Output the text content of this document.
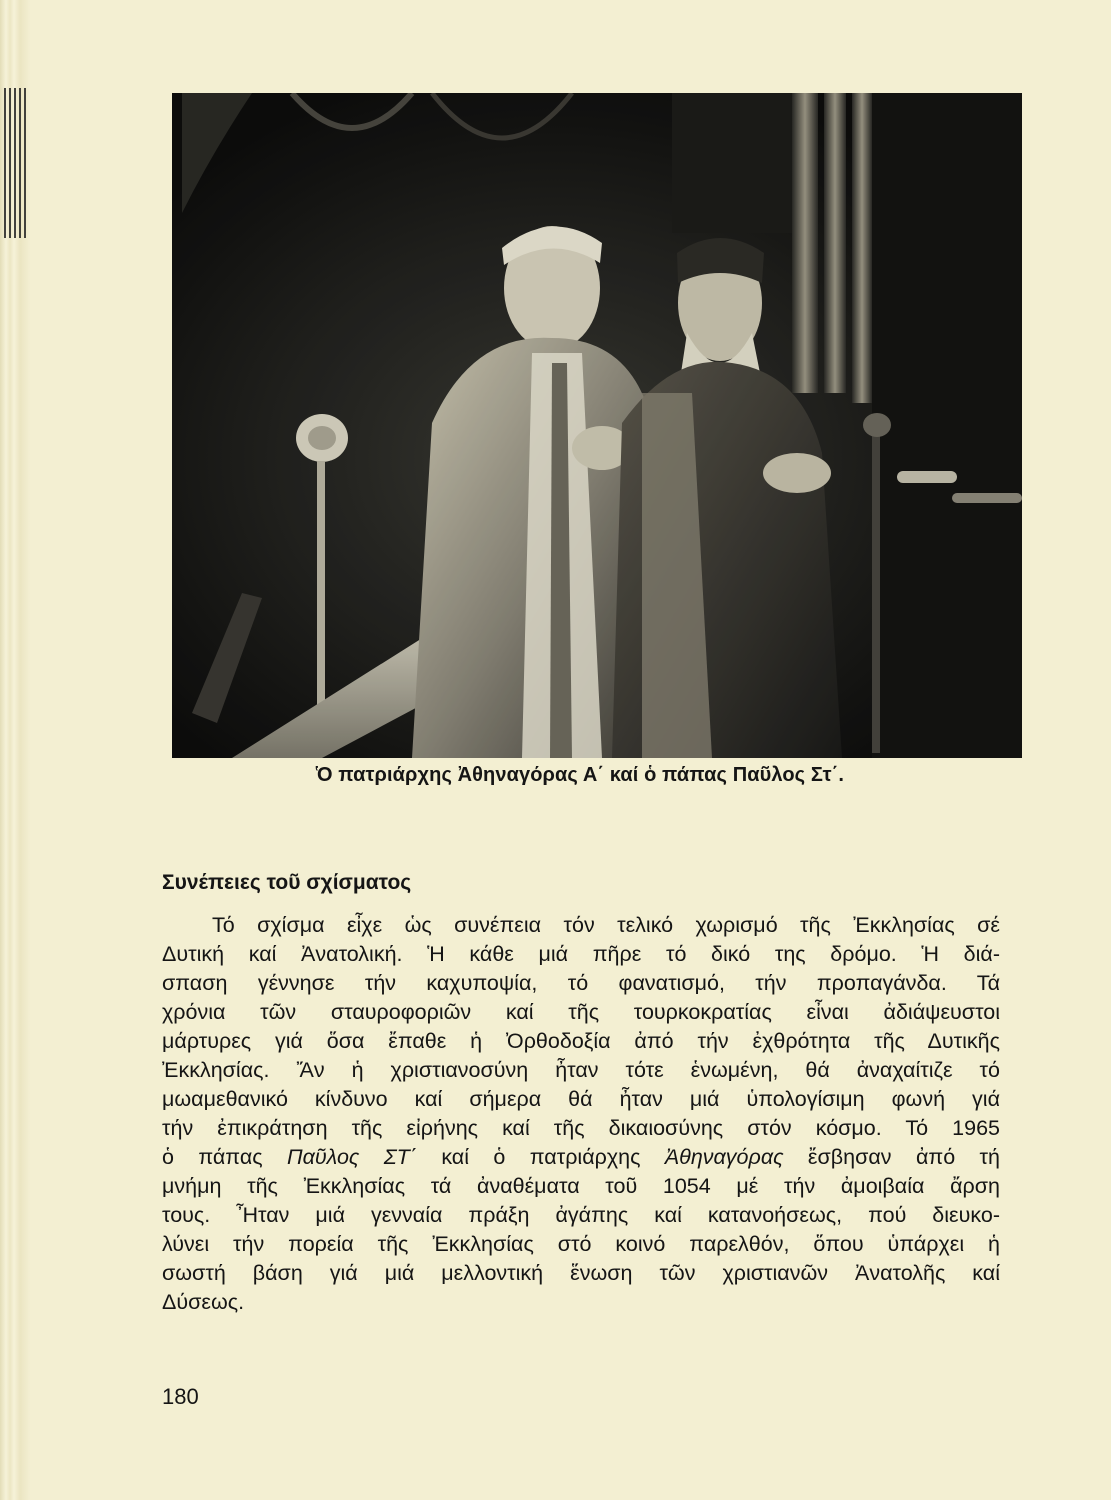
Ὁ πατριάρχης Ἀθηναγόρας Α΄ καί ὁ πάπας Παῦλος Στ΄.
Συνέπειες τοῦ σχίσματος
Τό σχίσμα εἶχε ὡς συνέπεια τόν τελικό χωρισμό τῆς Ἐκκλησίας σέ
Δυτική καί Ἀνατολική. Ἡ κάθε μιά πῆρε τό δικό της δρόμο. Ἡ διά-
σπαση γέννησε τήν καχυποψία, τό φανατισμό, τήν προπαγάνδα. Τά
χρόνια τῶν σταυροφοριῶν καί τῆς τουρκοκρατίας εἶναι ἀδιάψευστοι
μάρτυρες γιά ὅσα ἔπαθε ἡ Ὀρθοδοξία ἀπό τήν ἐχθρότητα τῆς Δυτικῆς
Ἐκκλησίας. Ἄν ἡ χριστιανοσύνη ἦταν τότε ἑνωμένη, θά ἀναχαίτιζε τό
μωαμεθανικό κίνδυνο καί σήμερα θά ἦταν μιά ὑπολογίσιμη φωνή γιά
τήν ἐπικράτηση τῆς εἰρήνης καί τῆς δικαιοσύνης στόν κόσμο. Τό 1965
ὁ πάπας Παῦλος ΣΤ΄ καί ὁ πατριάρχης Ἀθηναγόρας ἔσβησαν ἀπό τή
μνήμη τῆς Ἐκκλησίας τά ἀναθέματα τοῦ 1054 μέ τήν ἀμοιβαία ἄρση
τους. Ἦταν μιά γενναία πράξη ἀγάπης καί κατανοήσεως, πού διευκο-
λύνει τήν πορεία τῆς Ἐκκλησίας στό κοινό παρελθόν, ὅπου ὑπάρχει ἡ
σωστή βάση γιά μιά μελλοντική ἕνωση τῶν χριστιανῶν Ἀνατολῆς καί
Δύσεως.
180
